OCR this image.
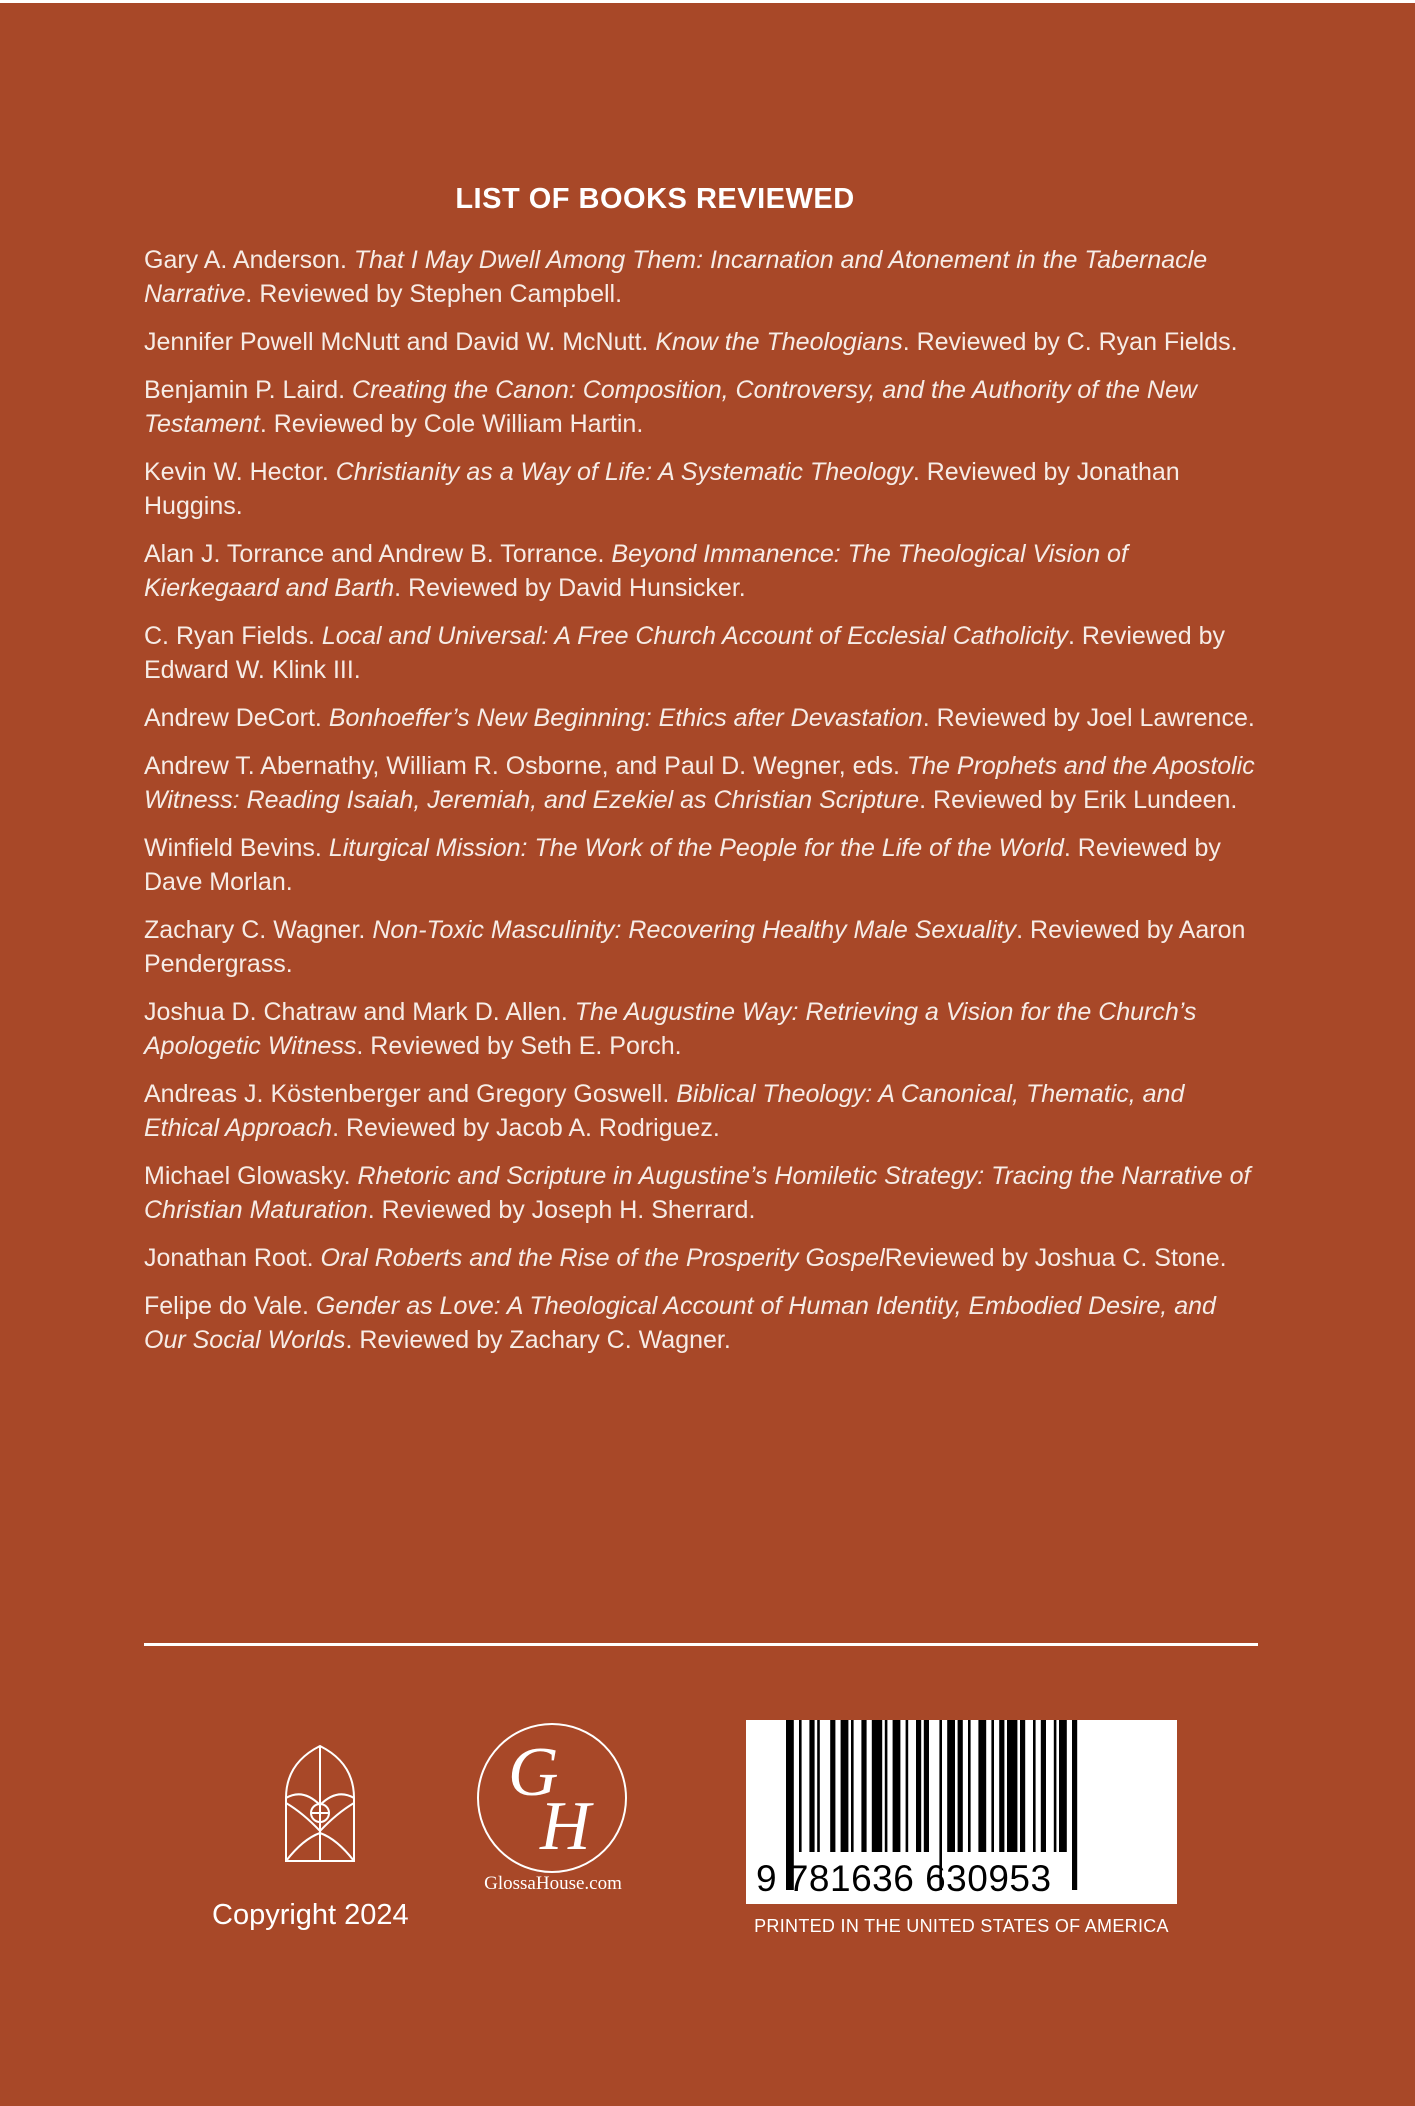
LIST OF BOOKS REVIEWED
Gary A. Anderson. That I May Dwell Among Them: Incarnation and Atonement in the Tabernacle Narrative. Reviewed by Stephen Campbell.
Jennifer Powell McNutt and David W. McNutt. Know the Theologians. Reviewed by C. Ryan Fields.
Benjamin P. Laird. Creating the Canon: Composition, Controversy, and the Authority of the New Testament. Reviewed by Cole William Hartin.
Kevin W. Hector. Christianity as a Way of Life: A Systematic Theology. Reviewed by Jonathan Huggins.
Alan J. Torrance and Andrew B. Torrance. Beyond Immanence: The Theological Vision of Kierkegaard and Barth. Reviewed by David Hunsicker.
C. Ryan Fields. Local and Universal: A Free Church Account of Ecclesial Catholicity. Reviewed by Edward W. Klink III.
Andrew DeCort. Bonhoeffer’s New Beginning: Ethics after Devastation. Reviewed by Joel Lawrence.
Andrew T. Abernathy, William R. Osborne, and Paul D. Wegner, eds. The Prophets and the Apostolic Witness: Reading Isaiah, Jeremiah, and Ezekiel as Christian Scripture. Reviewed by Erik Lundeen.
Winfield Bevins. Liturgical Mission: The Work of the People for the Life of the World. Reviewed by Dave Morlan.
Zachary C. Wagner. Non-Toxic Masculinity: Recovering Healthy Male Sexuality. Reviewed by Aaron Pendergrass.
Joshua D. Chatraw and Mark D. Allen. The Augustine Way: Retrieving a Vision for the Church’s Apologetic Witness. Reviewed by Seth E. Porch.
Andreas J. Köstenberger and Gregory Goswell. Biblical Theology: A Canonical, Thematic, and Ethical Approach. Reviewed by Jacob A. Rodriguez.
Michael Glowasky. Rhetoric and Scripture in Augustine’s Homiletic Strategy: Tracing the Narrative of Christian Maturation. Reviewed by Joseph H. Sherrard.
Jonathan Root. Oral Roberts and the Rise of the Prosperity GospelReviewed by Joshua C. Stone.
Felipe do Vale. Gender as Love: A Theological Account of Human Identity, Embodied Desire, and Our Social Worlds. Reviewed by Zachary C. Wagner.
Copyright 2024
G
H
GlossaHouse.com	9 781636 630953
PRINTED IN THE UNITED STATES OF AMERICA
